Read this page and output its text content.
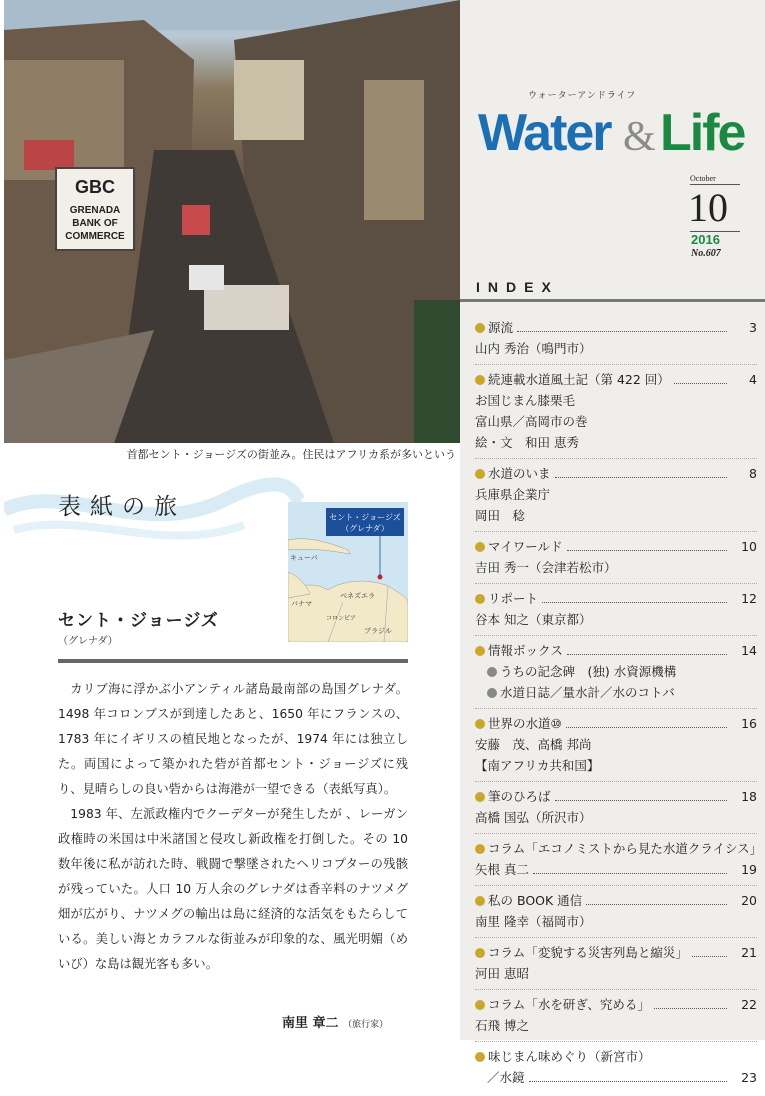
GBC
GRENADA
BANK OF
COMMERCE
首都セント・ジョージズの街並み。住民はアフリカ系が多いという
ウォーターアンドライフ
Water & Life
October
10
2016
No.607
INDEX
源流	3
山内 秀治（鳴門市）
続連載水道風土記（第 422 回）	4
お国じまん膝栗毛
富山県／高岡市の巻
絵・文　和田 恵秀
水道のいま	8
兵庫県企業庁
岡田　稔
マイワールド	10
吉田 秀一（会津若松市）
リポート	12
谷本 知之（東京都）
情報ボックス	14
うちの記念碑　(独) 水資源機構
水道日誌／量水計／水のコトバ
世界の水道⑩	16
安藤　茂、高橋 邦尚
【南アフリカ共和国】
筆のひろば	18
高橋 国弘（所沢市）
コラム「エコノミストから見た水道クライシス」
矢根 真二	19
私の BOOK 通信	20
南里 隆幸（福岡市）
コラム「変貌する災害列島と縮災」	21
河田 恵昭
コラム「水を研ぎ、究める」	22
石飛 博之
味じまん味めぐり（新宮市）
／水鏡	23
表紙の旅	セント・ジョージズ
（グレナダ）
キューバ
ベネズエラ
パナマ
コロンビア
ブラジル
セント・ジョージズ
（グレナダ）

カリブ海に浮かぶ小アンティル諸島最南部の島国グレナダ。1498 年コロンブスが到達したあと、1650 年にフランスの、1783 年にイギリスの植民地となったが、1974 年には独立した。両国によって築かれた砦が首都セント・ジョージズに残り、見晴らしの良い砦からは海港が一望できる（表紙写真）。

1983 年、左派政権内でクーデターが発生したが 、レーガン政権時の米国は中米諸国と侵攻し新政権を打倒した。その 10 数年後に私が訪れた時、戦闘で撃墜されたヘリコプターの残骸が残っていた。人口 10 万人余のグレナダは香辛料のナツメグ畑が広がり、ナツメグの輸出は島に経済的な活気をもたらしている。美しい海とカラフルな街並みが印象的な、風光明媚（めいび）な島は観光客も多い。

南里 章二 （旅行家）
